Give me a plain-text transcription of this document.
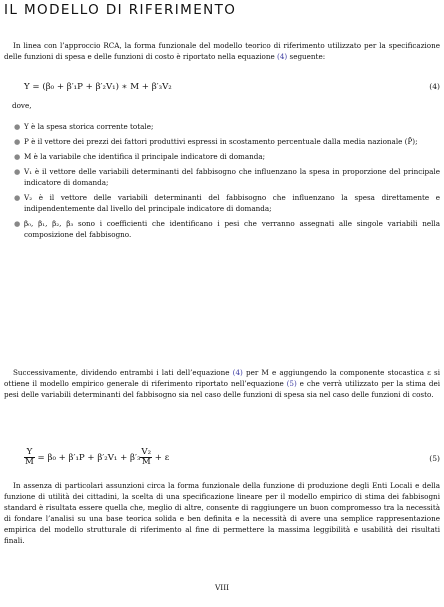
IL MODELLO DI RIFERIMENTO

In linea con l’approccio RCA, la forma funzionale del modello teorico di riferimento utilizzato per la specificazione delle funzioni di spesa e delle funzioni di costo è riportato nella equazione (4) seguente:

Y = (β₀ + β′₁P + β′₂V₁) ∗ M + β′₃V₂	(4)

dove,

● Y è la spesa storica corrente totale;
● P è il vettore dei prezzi dei fattori produttivi espressi in scostamento percentuale dalla media nazionale (P̄);
● M è la variabile che identifica il principale indicatore di domanda;
● V₁ è il vettore delle variabili determinanti del fabbisogno che influenzano la spesa in proporzione del principale indicatore di domanda;
● V₂ è il vettore delle variabili determinanti del fabbisogno che influenzano la spesa direttamente e indipendentemente dal livello del principale indicatore di domanda;
● β₀, β₁, β₂, β₃ sono i coefficienti che identificano i pesi che verranno assegnati alle singole variabili nella composizione del fabbisogno.

Successivamente, dividendo entrambi i lati dell’equazione (4) per M e aggiungendo la componente stocastica ε si ottiene il modello empirico generale di riferimento riportato nell’equazione (5) e che verrà utilizzato per la stima dei pesi delle variabili determinanti del fabbisogno sia nel caso delle funzioni di spesa sia nel caso delle funzioni di costo.

$\frac{Y}{M} = \beta_0 + \beta'_1P + \beta'_2V_1 + \beta'_3 \frac{\text{V₂}}{M} + \varepsilon$	(5)

In assenza di particolari assunzioni circa la forma funzionale della funzione di produzione degli Enti Locali e della funzione di utilità dei cittadini, la scelta di una specificazione lineare per il modello empirico di stima dei fabbisogni standard è risultata essere quella che, meglio di altre, consente di raggiungere un buon compromesso tra la necessità di fondare l’analisi su una base teorica solida e ben definita e la necessità di avere una semplice rappresentazione empirica del modello strutturale di riferimento al fine di permettere la massima leggibilità e usabilità dei risultati finali.

VIII
